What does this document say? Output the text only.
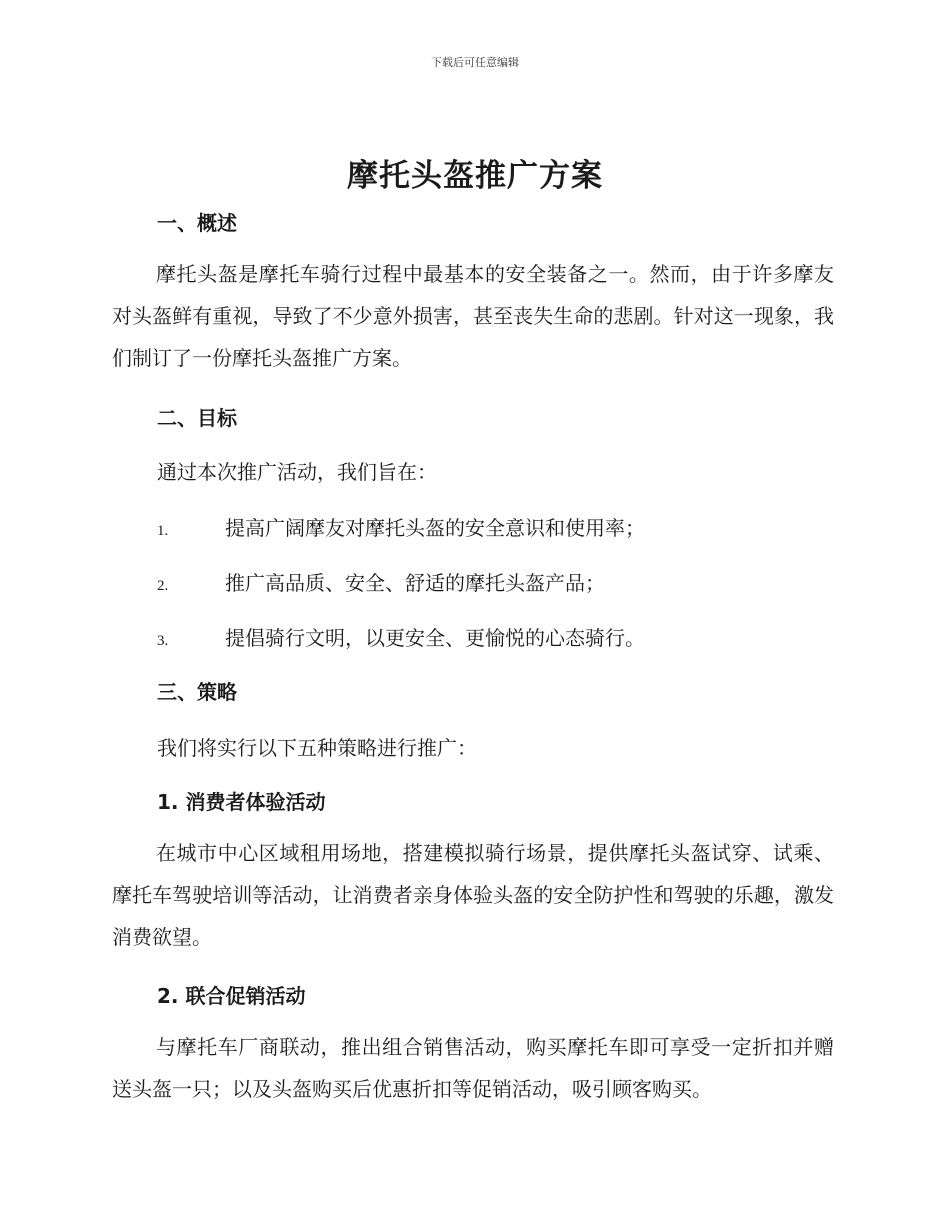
下载后可任意编辑
摩托头盔推广方案
一、概述
摩托头盔是摩托车骑行过程中最基本的安全装备之一。然而，由于许多摩友对头盔鲜有重视，导致了不少意外损害，甚至丧失生命的悲剧。针对这一现象，我们制订了一份摩托头盔推广方案。
二、目标
通过本次推广活动，我们旨在：
1.	提高广阔摩友对摩托头盔的安全意识和使用率；
2.	推广高品质、安全、舒适的摩托头盔产品；
3.	提倡骑行文明，以更安全、更愉悦的心态骑行。
三、策略
我们将实行以下五种策略进行推广：
1. 消费者体验活动
在城市中心区域租用场地，搭建模拟骑行场景，提供摩托头盔试穿、试乘、摩托车驾驶培训等活动，让消费者亲身体验头盔的安全防护性和驾驶的乐趣，激发消费欲望。
2. 联合促销活动
与摩托车厂商联动，推出组合销售活动，购买摩托车即可享受一定折扣并赠送头盔一只；以及头盔购买后优惠折扣等促销活动，吸引顾客购买。
